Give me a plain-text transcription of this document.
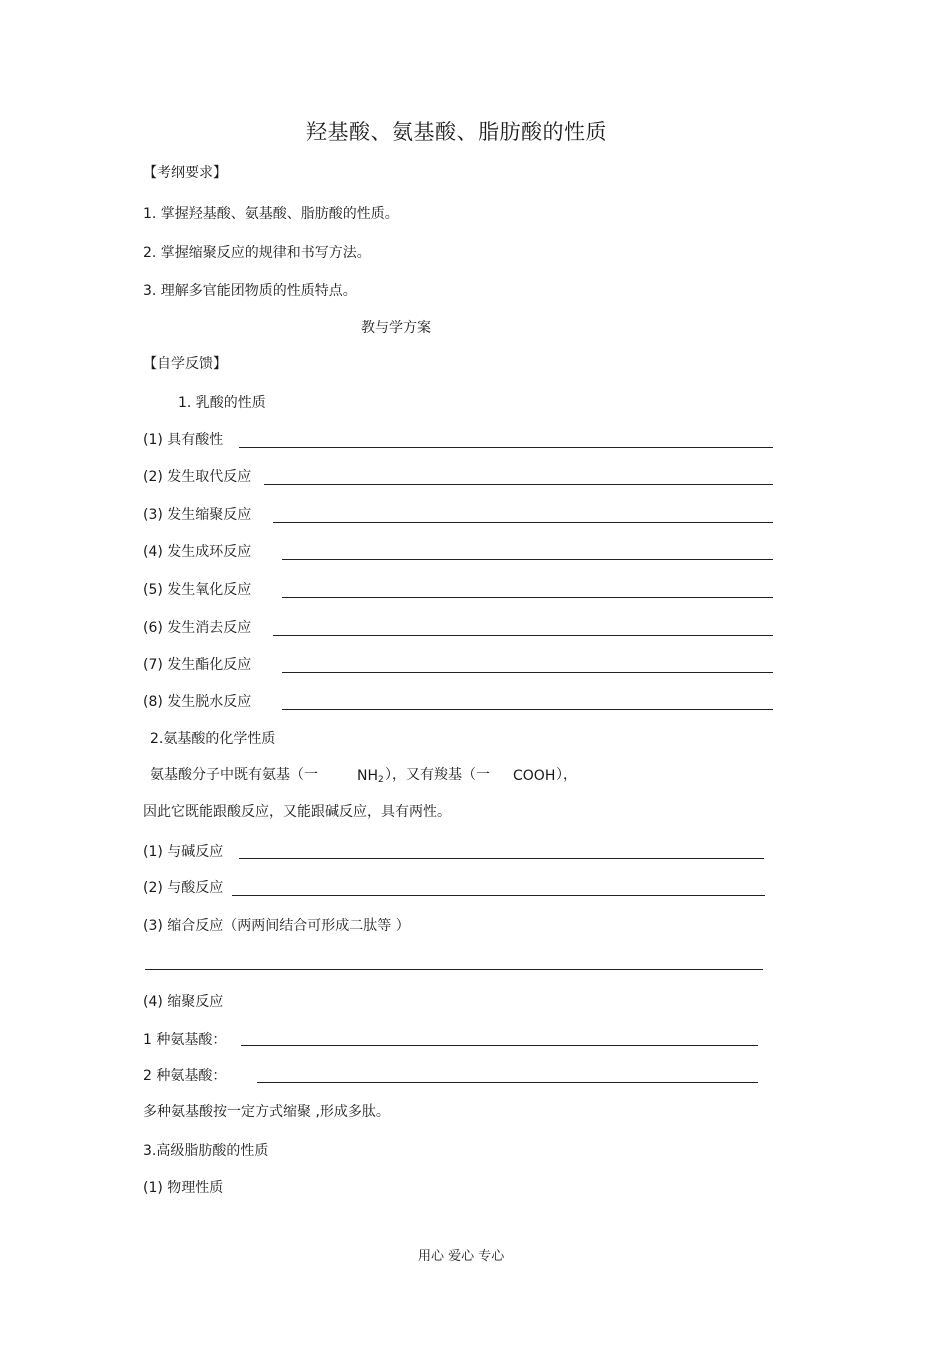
羟基酸、氨基酸、脂肪酸的性质
【考纲要求】
1. 掌握羟基酸、氨基酸、脂肪酸的性质。
2. 掌握缩聚反应的规律和书写方法。
3. 理解多官能团物质的性质特点。
教与学方案
【自学反馈】
1. 乳酸的性质
(1) 具有酸性
(2) 发生取代反应
(3) 发生缩聚反应
(4) 发生成环反应
(5) 发生氧化反应
(6) 发生消去反应
(7) 发生酯化反应
(8) 发生脱水反应
2.氨基酸的化学性质
氨基酸分子中既有氨基（一	$NH_2$ ），又有羧基（一 COOH ），
因此它既能跟酸反应，又能跟碱反应，具有两性。
(1) 与碱反应
(2) 与酸反应
(3) 缩合反应（两两间结合可形成二肽等 ）
(4) 缩聚反应
1 种氨基酸：
2 种氨基酸：
多种氨基酸按一定方式缩聚 ,形成多肽。
3.高级脂肪酸的性质
(1) 物理性质
用心 爱心 专心
